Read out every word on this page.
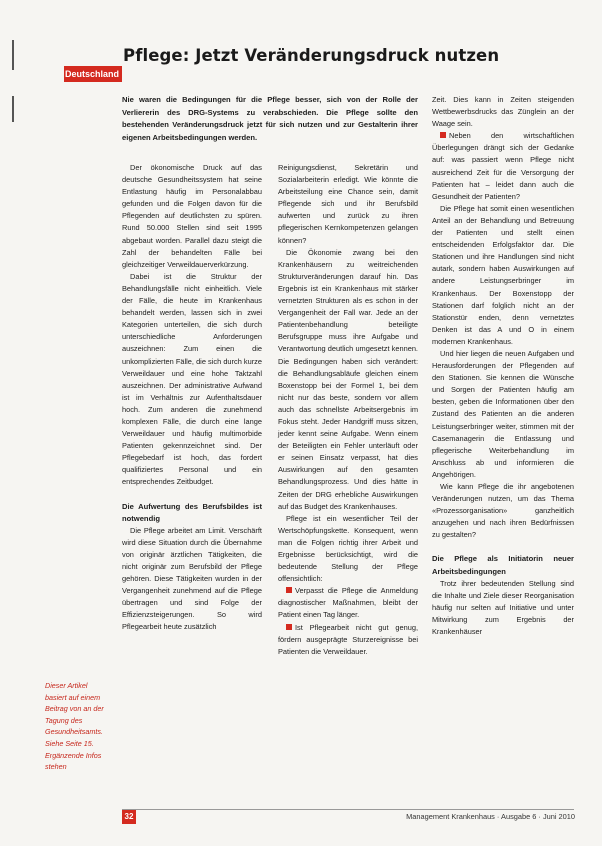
Deutschland
Pflege: Jetzt Veränderungsdruck nutzen

Nie waren die Bedingungen für die Pflege besser, sich von der Rolle der Verliererin des DRG-Systems zu verabschieden. Die Pflege sollte den bestehenden Veränderungsdruck jetzt für sich nutzen und zur Gestalterin ihrer eigenen Arbeitsbedingungen werden.

Der ökonomische Druck auf das deutsche Gesundheitssystem hat seine Entlastung häufig im Personalabbau gefunden und die Folgen davon für die Pflegenden auf deutlichsten zu spüren. Rund 50.000 Stellen sind seit 1995 abgebaut worden. Parallel dazu steigt die Zahl der behandelten Fälle bei gleichzeitiger Verweildauerverkürzung.

Dabei ist die Struktur der Behandlungsfälle nicht einheitlich. Viele der Fälle, die heute im Krankenhaus behandelt werden, lassen sich in zwei Kategorien unterteilen, die sich durch unterschiedliche Anforderungen auszeichnen: Zum einen die unkomplizierten Fälle, die sich durch kurze Verweildauer und eine hohe Taktzahl auszeichnen. Der administrative Aufwand ist im Verhältnis zur Aufenthaltsdauer hoch. Zum anderen die zunehmend komplexen Fälle, die durch eine lange Verweildauer und häufig multimorbide Patienten gekennzeichnet sind. Der Pflegebedarf ist hoch, das fordert qualifiziertes Personal und ein entsprechendes Zeitbudget.

Die Aufwertung des Berufsbildes ist notwendig

Die Pflege arbeitet am Limit. Verschärft wird diese Situation durch die Übernahme von originär ärztlichen Tätigkeiten, die nicht originär zum Berufsbild der Pflege gehören. Diese Tätigkeiten wurden in der Vergangenheit zunehmend auf die Pflege übertragen und sind Folge der Effizienzsteigerungen. So wird Pflegearbeit heute zusätzlich

Reinigungsdienst, Sekretärin und Sozialarbeiterin erledigt. Wie könnte die Arbeitsteilung eine Chance sein, damit Pflegende sich und ihr Berufsbild aufwerten und zurück zu ihren pflegerischen Kernkompetenzen gelangen können?

Die Ökonomie zwang bei den Krankenhäusern zu weitreichenden Strukturveränderungen darauf hin. Das Ergebnis ist ein Krankenhaus mit stärker vernetzten Strukturen als es schon in der Vergangenheit der Fall war. Jede an der Patientenbehandlung beteiligte Berufsgruppe muss ihre Aufgabe und Verantwortung deutlich umgesetzt kennen. Die Bedingungen haben sich verändert: die Behandlungsabläufe gleichen einem Boxenstopp bei der Formel 1, bei dem nicht nur das beste, sondern vor allem auch das schnellste Arbeitsergebnis im Fokus steht. Jeder Handgriff muss sitzen, jeder kennt seine Aufgabe. Wenn einem der Beteiligten ein Fehler unterläuft oder er seinen Einsatz verpasst, hat dies Auswirkungen auf den gesamten Behandlungsprozess. Und dies hätte in Zeiten der DRG erhebliche Auswirkungen auf das Budget des Krankenhauses.

Pflege ist ein wesentlicher Teil der Wertschöpfungskette. Konsequent, wenn man die Folgen richtig ihrer Arbeit und Ergebnisse berücksichtigt, wird die bedeutende Stellung der Pflege offensichtlich:

Verpasst die Pflege die Anmeldung diagnostischer Maßnahmen, bleibt der Patient einen Tag länger.

Ist Pflegearbeit nicht gut genug, fördern ausgeprägte Sturzereignisse bei Patienten die Verweildauer.

Zeit. Dies kann in Zeiten steigenden Wettbewerbsdrucks das Zünglein an der Waage sein.

Neben den wirtschaftlichen Überlegungen drängt sich der Gedanke auf: was passiert wenn Pflege nicht ausreichend Zeit für die Versorgung der Patienten hat – leidet dann auch die Gesundheit der Patienten?

Die Pflege hat somit einen wesentlichen Anteil an der Behandlung und Betreuung der Patienten und stellt einen entscheidenden Erfolgsfaktor dar. Die Stationen und ihre Handlungen sind nicht autark, sondern haben Auswirkungen auf andere Leistungserbringer im Krankenhaus. Der Boxenstopp der Stationen darf folglich nicht an der Stationstür enden, denn vernetztes Denken ist das A und O in einem modernen Krankenhaus.

Und hier liegen die neuen Aufgaben und Herausforderungen der Pflegenden auf den Stationen. Sie kennen die Wünsche und Sorgen der Patienten häufig am besten, geben die Informationen über den Zustand des Patienten an die anderen Leistungserbringer weiter, stimmen mit der Casemanagerin die Entlassung und pflegerische Weiterbehandlung im Anschluss ab und informieren die Angehörigen.

Wie kann Pflege die ihr angebotenen Veränderungen nutzen, um das Thema «Prozessorganisation» ganzheitlich anzugehen und nach ihren Bedürfnissen zu gestalten?

Die Pflege als Initiatorin neuer Arbeitsbedingungen

Trotz ihrer bedeutenden Stellung sind die Inhalte und Ziele dieser Reorganisation häufig nur selten auf Initiative und unter Mitwirkung zum Ergebnis der Krankenhäuser

Dieser Artikel basiert auf einem Beitrag von an der Tagung des Gesundheitsamts. Siehe Seite 15. Ergänzende Infos stehen
32	Management Krankenhaus · Ausgabe 6 · Juni 2010
